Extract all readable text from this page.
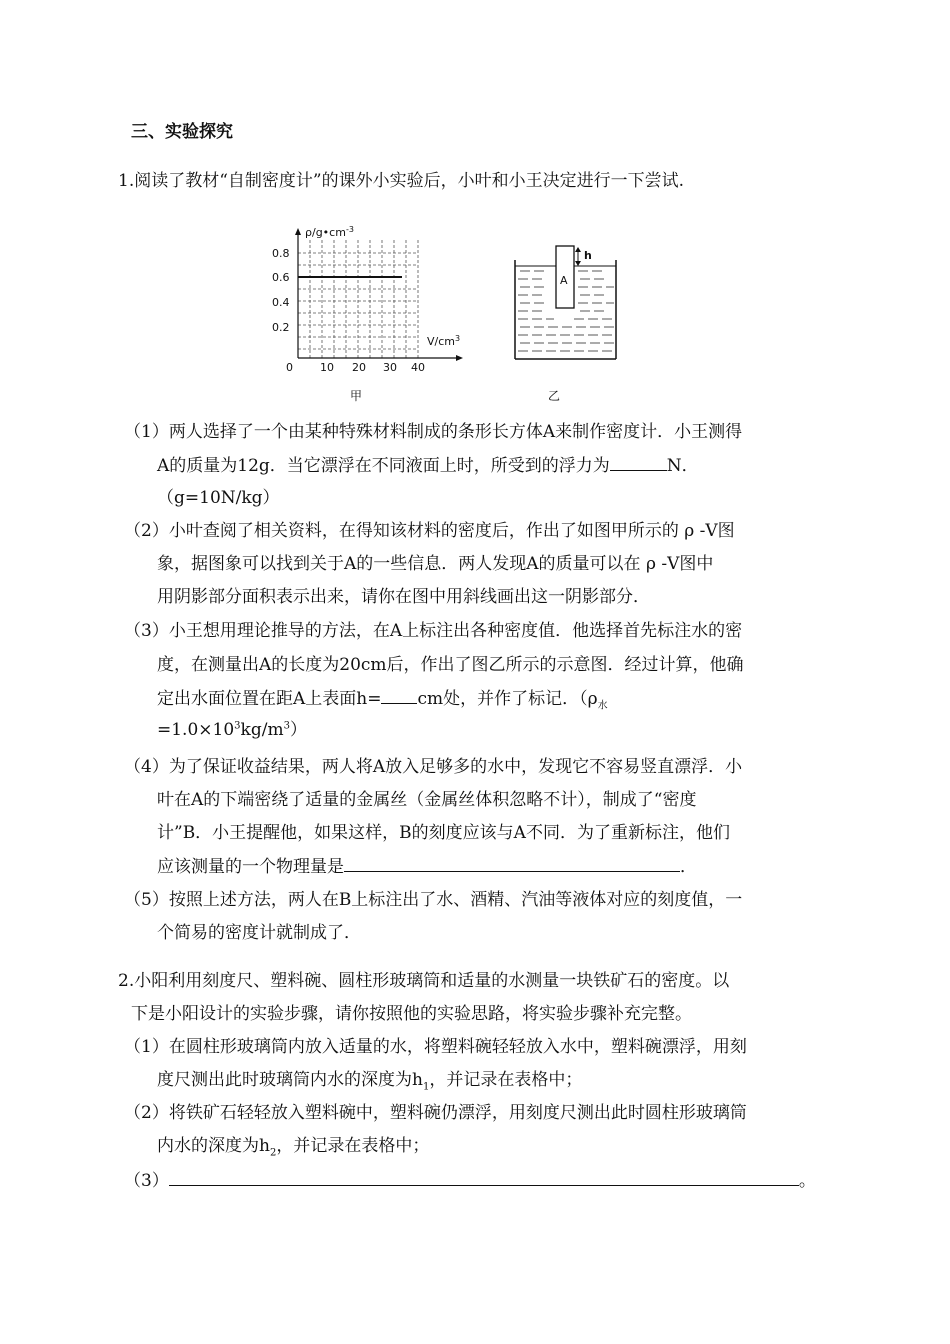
三、实验探究
1.阅读了教材“自制密度计”的课外小实验后，小叶和小王决定进行一下尝试.
$\rho/g•cm^{-3}$
0.8
0.6
0.4
0.2
$V/cm^3$
0 10 20 30 40
甲
A
h
乙
（1）两人选择了一个由某种特殊材料制成的条形长方体A来制作密度计．小王测得
A的质量为12g．当它漂浮在不同液面上时，所受到的浮力为	N．
（g=10N/kg）
（2）小叶查阅了相关资料，在得知该材料的密度后，作出了如图甲所示的 ρ -V图
象，据图象可以找到关于A的一些信息．两人发现A的质量可以在 ρ -V图中
用阴影部分面积表示出来，请你在图中用斜线画出这一阴影部分．
（3）小王想用理论推导的方法，在A上标注出各种密度值．他选择首先标注水的密
度，在测量出A的长度为20cm后，作出了图乙所示的示意图．经过计算，他确
定出水面位置在距A上表面h= cm处，并作了标记．（$\rho_水$
$=1.0\times 10^3kg/m^3$）
（4）为了保证收益结果，两人将A放入足够多的水中，发现它不容易竖直漂浮．小
叶在A的下端密绕了适量的金属丝（金属丝体积忽略不计），制成了“密度
计”B．小王提醒他，如果这样，B的刻度应该与A不同．为了重新标注，他们
应该测量的一个物理量是	．
（5）按照上述方法，两人在B上标注出了水、酒精、汽油等液体对应的刻度值，一
个简易的密度计就制成了．
2.小阳利用刻度尺、塑料碗、圆柱形玻璃筒和适量的水测量一块铁矿石的密度。以
下是小阳设计的实验步骤，请你按照他的实验思路，将实验步骤补充完整。
（1）在圆柱形玻璃筒内放入适量的水，将塑料碗轻轻放入水中，塑料碗漂浮，用刻
度尺测出此时玻璃筒内水的深度为$h_1$，并记录在表格中；
（2）将铁矿石轻轻放入塑料碗中，塑料碗仍漂浮，用刻度尺测出此时圆柱形玻璃筒
内水的深度为$h_2$，并记录在表格中；
（3）	。
